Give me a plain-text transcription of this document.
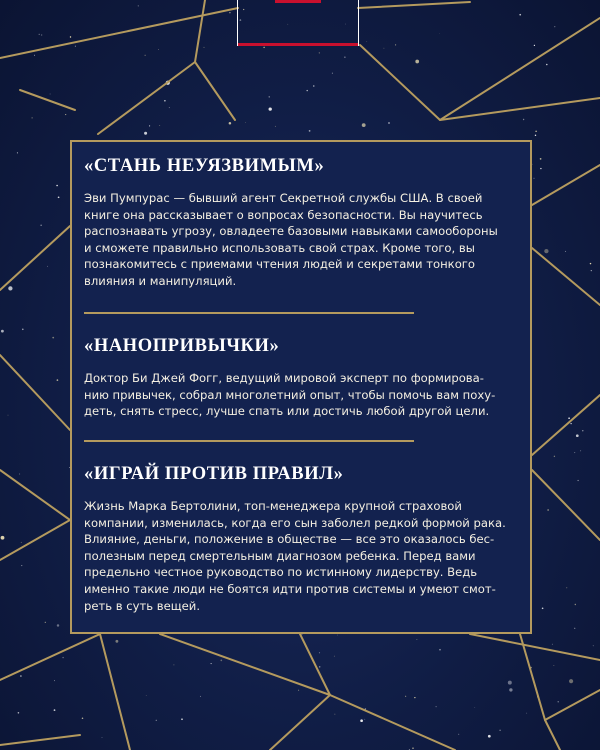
«СТАНЬ НЕУЯЗВИМЫМ»

Эви Пумпурас — бывший агент Секретной службы США. В своей
книге она рассказывает о вопросах безопасности. Вы научитесь
распознавать угрозу, овладеете базовыми навыками самообороны
и сможете правильно использовать свой страх. Кроме того, вы
познакомитесь с приемами чтения людей и секретами тонкого
влияния и манипуляций.

«НАНОПРИВЫЧКИ»

Доктор Би Джей Фогг, ведущий мировой эксперт по формирова-
нию привычек, собрал многолетний опыт, чтобы помочь вам поху-
деть, снять стресс, лучше спать или достичь любой другой цели.

«ИГРАЙ ПРОТИВ ПРАВИЛ»

Жизнь Марка Бертолини, топ-менеджера крупной страховой
компании, изменилась, когда его сын заболел редкой формой рака.
Влияние, деньги, положение в обществе — все это оказалось бес-
полезным перед смертельным диагнозом ребенка. Перед вами
предельно честное руководство по истинному лидерству. Ведь
именно такие люди не боятся идти против системы и умеют смот-
реть в суть вещей.
